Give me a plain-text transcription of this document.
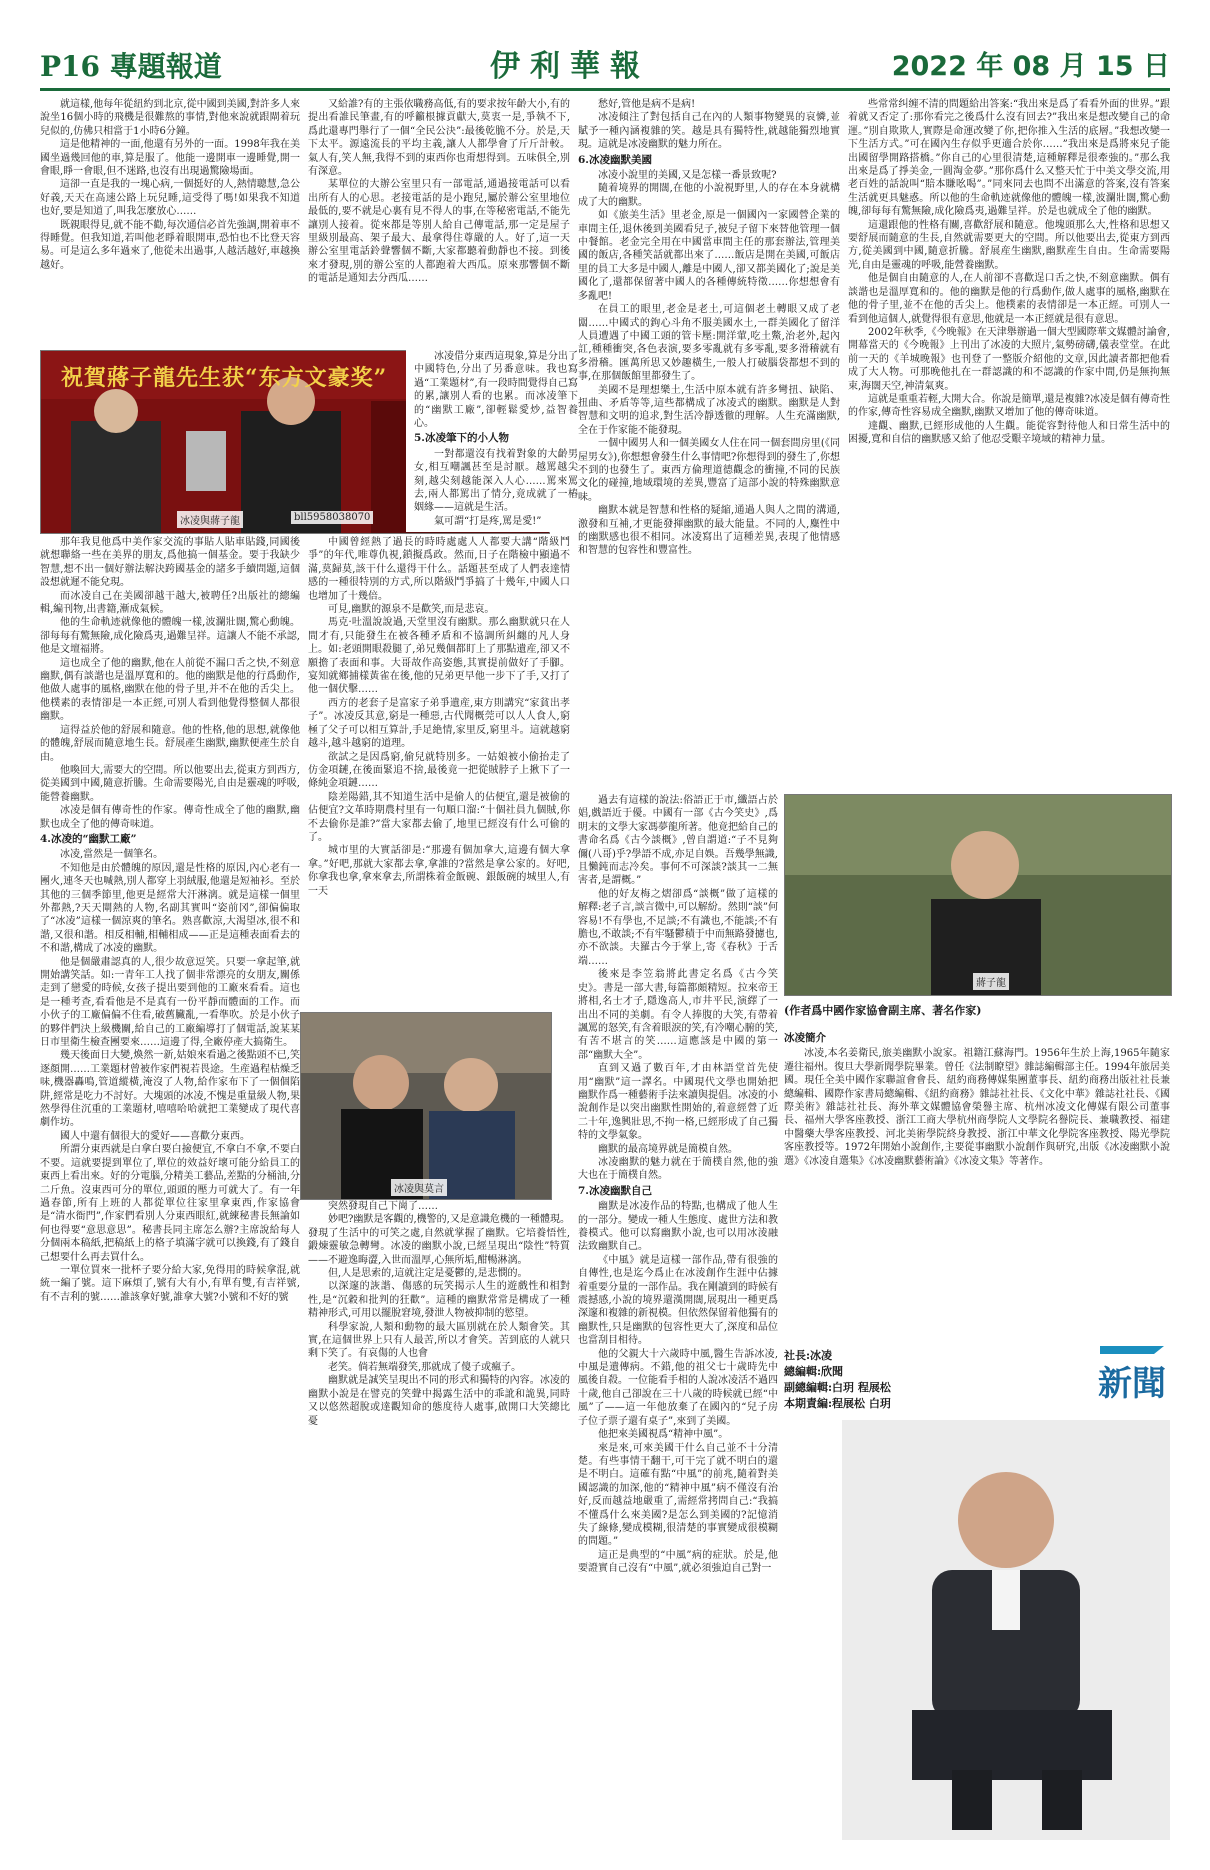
P16 專題報道	伊利華報	2022 年 08 月 15 日

就這樣,他每年從紐約到北京,從中國到美國,對許多人來說坐16個小時的飛機是很難熬的事情,對他來說就跟閘着玩兒似的,仿佛只相當于1小時6分鐘。

這是他精神的一面,他還有另外的一面。1998年我在美國坐過幾回他的車,算是服了。他能一邊開車一邊睡覺,開一會眼,睜一會眼,但不迷路,也沒有出現過驚險場面。

這卻一直是我的一塊心病,一個挺好的人,熱情聰慧,急公好義,天天在高速公路上玩兒睡,這受得了嗎!如果我不知道也好,要是知道了,叫我怎麼放心……

既親眼得見,就不能不勸,每次通信必首先強調,開着車不得睡覺。但我知道,若叫他老睜着眼開車,恐怕也不比登天容易。可是這么多年過來了,他從未出過事,人越活越好,車越換越好。

祝賀蔣子龍先生获“东方文豪奖”
冰凌與蔣子龍	bll5958038070

又給誰?有的主張依職務高低,有的要求按年齡大小,有的提出看誰民筆畫,有的呼籲根據貢獻大,莫衷一是,爭執不下,爲此還專門舉行了一個“全民公決”:最後乾脆不分。於是,天下太平。源遠流長的平均主義,讓人人都學會了斤斤計較。氣人有,笑人無,我得不到的東西你也甭想得到。五味俱全,別有深意。

某單位的大辦公室里只有一部電話,通過接電話可以看出所有人的心思。老接電話的是小跑兒,屬於辦公室里地位最低的,要不就是心裏有見不得人的事,在等秘密電話,不能先讓別人接着。從來都是等別人給自己傳電話,那一定是屋子里級別最高、架子最大、最拿得住尊嚴的人。好了,這一天辦公室里電話鈴聲響個不斷,大家都聽着動靜也不接。到後來才發現,別的辦公室的人都跑着大西瓜。原來那響個不斷的電話是通知去分西瓜……

冰凌借分東西這現象,算是分出了中國特色,分出了另番意味。我也寫過“工業題材”,有一段時間覺得自己寫的累,讓別人看的也累。而冰凌筆下的“幽默工廠”,卻輕鬆愛炒,益智養心。

5.冰凌筆下的小人物

一對都還沒有找着對象的大齡男女,相互嘲諷甚至是討厭。越罵越尖刻,越尖刻越能深入人心……罵來罵去,兩人都罵出了情分,竟成就了一樁姻緣——這就是生活。

氣可謂“打是疼,罵是愛!”

那年我見他爲中美作家交流的事貼人貼車貼錢,同國後就想聯絡一些在美界的朋友,爲他搞一個基金。要于我缺少智慧,想不出一個好辦法解決跨國基金的諸多手續問題,這個設想就遲不能兌現。

而冰凌自己在美國卻越干越大,被聘任?出版社的總編輯,編刊物,出書籍,漸成氣候。

他的生命軌迹就像他的體魄一樣,波瀾壯闊,驚心動魄。卻每每有驚無險,成化險爲夷,過難呈祥。這讓人不能不承認,他是文壇福將。

這也成全了他的幽默,他在人前從不漏口舌之快,不刻意幽默,偶有談諧也是溫厚寬和的。他的幽默是他的行爲動作,他做人處事的風格,幽默在他的骨子里,并不在他的舌尖上。他樸素的表情卻是一本正經,可別人看到他覺得整個人都很幽默。

這得益於他的舒展和隨意。他的性格,他的思想,就像他的體魄,舒展而隨意地生長。舒展產生幽默,幽默便產生於自由。

他喚回大,需要大的空間。所以他要出去,從東方到西方,從美國到中國,隨意折騰。生命需要陽光,自由是靈魂的呼吸,能營養幽默。

冰凌是個有傳奇性的作家。傳奇性成全了他的幽默,幽默也成全了他的傳奇味道。

4.冰凌的“幽默工廠”

冰凌,當然是一個筆名。

不知他是由於體魄的原因,還是性格的原因,內心老有一團火,連冬天也喊熱,別人都穿上羽絨服,他還是短袖衫。至於其他的三個季節里,他更是經常大汗淋漓。就是這樣一個里外都熱,?天天閘熱的人物,名副其實叫“姿前冈”,卻偏偏取了“冰凌”這樣一個涼爽的筆名。熟喜歡涼,大渴望冰,很不和諧,又很和諧。相反相輔,相輔相成——正是這種表面看去的不和諧,構成了冰凌的幽默。

他是個嚴肅認真的人,很少故意逗笑。只要一拿起筆,就開始講笑話。如:一青年工人找了個非常漂亮的女朋友,關係走到了戀愛的時候,女孩子提出要到他的工廠來看看。這也是一種考查,看看他是不是真有一份平靜而體面的工作。而小伙子的工廠偏偏不住看,破舊臟亂,一看準吹。於是小伙子的夥伴們決上級機關,給自己的工廠編導打了個電話,說某某日市里衛生檢查團要來……這邊了得,全廠停產大搞衛生。

幾天後面日大變,煥然一新,姑娘來看過之後點頭不已,笑逐顏開……工業題材曾被作家們視若畏途。生産過程枯燥乏味,機器轟鳴,管道縱橫,淹沒了人物,給作家布下了一個個陷阱,經常是吃力不討好。大塊頭的冰凌,不愧是重量級人物,果然學得住沉重的工業題材,嘻嘻哈哈就把工業變成了現代喜劇作坊。

國人中還有個很大的愛好——喜歡分東西。

所謂分東西就是白拿白要白撿便宜,不拿白不拿,不要白不要。這就要提到單位了,單位的效益好壞可能分給員工的東西上看出來。好的分電腦,分精美工藝品,差點的分桶油,分二斤魚。沒東西可分的單位,頭頭的壓力可就大了。有一年過春節,所有上班的人都從單位往家里拿東西,作家協會是“清水衙門”,作家們看別人分東西眼紅,就練秘書長無論如何也得要“意思意思”。秘書長同主席怎么辦?主席說給每人分個兩本稿紙,把稿紙上的格子填滿字就可以換錢,有了錢自己想要什么再去買什么。

一單位買來一批杯子要分給大家,免得用的時候拿混,就統一編了號。這下麻煩了,號有大有小,有單有雙,有吉祥號,有不吉利的號……誰該拿好號,誰拿大號?小號和不好的號

中國曾經熱了過長的時時處處人人都要大講“階級鬥爭”的年代,唯尊仇視,鎖擬爲政。然而,日子在階檢中顯過不滿,莫歸莫,該干什么還得干什么。話題甚至成了人們表達情感的一種很特別的方式,所以階級鬥爭搞了十幾年,中國人口也增加了十幾倍。

可見,幽默的源泉不是歡笑,而是悲哀。

馬克·吐溫說說過,天堂里沒有幽默。那么幽默就只在人間才有,只能發生在被各種矛盾和不協調所糾纏的凡人身上。如:老頭開眼殺腿了,弟兄幾個都盯上了那點遺産,卻又不願擔了表面和事。大哥故作高姿態,其實提前做好了手腳。宴知就鄉捕樣黃雀在後,他的兄弟更早他一步下了手,又打了他一個伏擊……

西方的老套子是富家子弟爭遺産,東方則講究“家貧出孝子”。冰凌反其意,窮是一種惡,古代聞概莞可以人人食人,窮極了父子可以相互算計,手足絶情,家里反,窮里斗。這就越窮越斗,越斗越窮的道理。

欲試之是因爲窮,偷兒就特別多。一姑娘被小偷抬走了仿金項鏈,在後面緊追不捨,最後竟一把從賊脖子上揪下了一條純金項鏈……

陰差陽錯,其不知道生活中是偷人的佔便宜,還是被偷的佔便宜?文革時期農村里有一句順口溜:“十個社員九個賊,你不去偷你是誰?”當大家都去偷了,地里已經沒有什么可偷的了。

城市里的大實話卻是:“那邊有個加拿大,這邊有個大拿拿。”好吧,那就大家都去拿,拿誰的?當然是拿公家的。好吧,你拿我也拿,拿來拿去,所謂株着金飯碗、銀飯碗的城里人,有一天

冰凌與莫言

突然發現自己下崗了……

妙吧?幽默是客觀的,機警的,又是意識危機的一種體現。發現了生活中的可笑之處,自然就掌握了幽默。它培養悟性,鍛煉靈敏急轉彎。冰凌的幽默小說,已經呈現出“陰性”特質——不避逸晦澀,入世而溫厚,心無所垢,酣暢淋漓。

但,人是思索的,這就注定是憂鬱的,是悲憫的。

以深邃的詼諧、傷感的玩笑揭示人生的遊戲性和相對性,是“沉穀和批判的狂歡”。這種的幽默常常是構成了一種精神形式,可用以擺脫窘境,發泄人物被抑制的慾望。

科學家說,人類和動物的最大區別就在於人類會笑。其實,在這個世界上只有人最苦,所以才會笑。苦到底的人就只剩下笑了。有哀傷的人也會

老笑。倘若無端發笑,那就成了傻子或瘋子。

幽默就是誠笑呈現出不同的形式和獨特的內容。冰凌的幽默小說是在譬克的笑聲中揭露生活中的乖訛和詭異,同時又以悠然超脫或達觀知命的態度待人處事,啟開口大笑總比憂

愁好,管他是病不是病!

冰凌傾注了對包括自己在內的人類事物變異的哀憐,並賦予一種內涵複雜的笑。越是具有獨特性,就越能獨烈地實現。這就是冰凌幽默的魅力所在。

6.冰凌幽默美國

冰凌小說里的美國,又是怎樣一番景致呢?

隨着境界的開闊,在他的小說視野里,人的存在本身就構成了大的幽默。

如《旅美生活》里老金,原是一個國內一家國營企業的車間主任,退休後到美國看兒子,被兒子留下來替他管理一個中餐館。老金完全用在中國當車間主任的那套辦法,管理美國的飯店,各種笑話就都出來了……飯店是開在美國,可飯店里的員工大多是中國人,離是中國人,卻又都美國化了;說是美國化了,還都保留著中國人的各種傳統特徵……你想想會有多亂吧!

在員工的眼里,老金是老土,可這個老土轉眼又成了老闆……中國式的鉤心斗角不服美國水土,一群美國化了留洋人員遭遇了中國工頭的管卡壓:開洋葷,吃土鱉,治老外,起內訌,種種衝突,各色表演,要多零亂就有多零亂,要多滑稽就有多滑稽。匯萬所思又妙趣橫生,一般人打破腦袋都想不到的事,在那個飯館里都發生了。

美國不是理想樂土,生活中原本就有許多彎扭、缺陷、扭曲、矛盾等等,這些都構成了冰凌式的幽默。幽默是人對智慧和文明的追求,對生活冷靜透徹的理解。人生充滿幽默,全在于作家能不能發現。

一個中國男人和一個美國女人住在同一個套間房里(《同屋男女》),你想想會發生什么事情吧?你想得到的發生了,你想不到的也發生了。東西方倫理道德觀念的衝撞,不同的民族文化的碰撞,地域環境的差異,豐富了這部小說的特殊幽默意味。

幽默本就是智慧和性格的疑縮,通過人與人之間的溝通,激發和互補,才更能發揮幽默的最大能量。不同的人,麋性中的幽默感也很不相同。冰凌寫出了這種差異,表現了他情感和智慧的包容性和豐富性。

過去有這樣的說法:俗語正于市,纖語占於娼,戲語近于優。中國有一部《古今笑史》,爲明末的文學大家馮夢龍所著。他竟把給自己的書命名爲《古今談概》,曾自謂道:“子不見夠儞(八哥)乎?學語不成,亦足自娛。吾幾學無識,且懶鈍而志冷矣。事何不可深談?談其一二無害者,是謂概。”

他的好友梅之熠卻爲“談概”做了這樣的解釋:老子言,談言微中,可以解紛。然則“談”何容易!不有學也,不足談;不有識也,不能談;不有膽也,不敢談;不有牢騷鬱積于中而無路發攄也,亦不欲談。夫羅古今于掌上,寄《春秋》于舌端……

後來是李笠翁將此書定名爲《古今笑史》。書是一部大書,每篇都頗精短。拉來帝王將相,名士才子,隱逸高人,市井平民,演繹了一出出不同的美劇。有令人捧腹的大笑,有帶着諷罵的怒笑,有含着眼淚的笑,有冷嘲心腑的笑,有苦不堪言的笑……這應該是中國的第一部“幽默大全”。

直到又過了數百年,才由林語堂首先使用“幽默”這一譯名。中國現代文學也開始把幽默作爲一種藝術手法來讀與提倡。冰凌的小說創作是以突出幽默性開始的,着意經營了近二十年,逸興壯思,不拘一格,已經形成了自己獨特的文學氣象。

幽默的最高境界就是簡模自然。

冰凌幽默的魅力就在于簡樸自然,他的強大也在于簡樸自然。

7.冰凌幽默自己

幽默是冰凌作品的特點,也構成了他人生的一部分。變成一種人生態度、處世方法和教養模式。他可以寫幽默小說,也可以用冰淩融法致幽默自己。

《中風》就是這樣一部作品,帶有很強的自傳性,也是迄今爲止在冰淩創作生涯中佔據着重要分量的一部作品。我在剛讀到的時候有震撼感,小說的境界還漢開闊,展現出一種更爲深邃和複雜的新視模。但依然保留着他獨有的幽默性,只是幽默的包容性更大了,深度和品位也當刮目相待。

他的父親大十六歲時中風,醫生告訴冰凌,中風是遺傳病。不錯,他的祖父七十歲時先中風後自殺。一位能看手相的人說冰凌活不過四十歲,他自己卻說在三十八歲的時候就已經“中風”了——這一年他放棄了在國內的“兒子房子位子票子還有桌子”,來到了美國。

他把來美國視爲“精神中風”。

來是來,可來美國干什么自己並不十分清楚。有些事情干翻干,可干完了就不明白的還是不明白。這確有點“中風”的前兆,隨着對美國認識的加深,他的“精神中風”病不僅沒有治好,反而越益地嚴重了,需經常拷問自己:“我搞不懂爲什么來美國?是怎么到美國的?記憶消失了線條,變成模糊,很清楚的事實變成很模糊的問題。”

這正是典型的“中風”病的症狀。於是,他要證實自己沒有“中風”,就必須強迫自己對一

些常常纠缠不清的問題給出答案:“我出來是爲了看看外面的世界。”跟着就又否定了:那你看完之後爲什么沒有回去?”我出來是想改變自己的命運。”別自欺欺人,實際是命運改變了你,把你推入生活的底層。”我想改變一下生活方式。”可在國內生存似乎更適合於你……”我出來是爲將來兒子能出國留學開路搭橋。”你自己的心里很清楚,這種解釋是很牽強的。”那么我出來是爲了掙美金,一圓淘金夢。”那你爲什么又整天忙于中美文學交流,用老百姓的話說叫“賠本賺吆喝”。”同來同去也問不出滿意的答案,沒有答案生活就更具魅惑。所以他的生命軌迹就像他的體魄一樣,波瀾壯闊,驚心動魄,卻每每有驚無險,成化險爲夷,過難呈祥。於是也就成全了他的幽默。

這還跟他的性格有關,喜歡舒展和隨意。他塊頭那么大,性格和思想又要舒展而隨意的生長,自然就需要更大的空間。所以他要出去,從東方到西方,從美國到中國,隨意折騰。舒展産生幽默,幽默産生自由。生命需要陽光,自由是靈魂的呼吸,能營養幽默。

他是個自由隨意的人,在人前卻不喜歡逞口舌之快,不刻意幽默。偶有談諧也是溫厚寬和的。他的幽默是他的行爲動作,做人處事的風格,幽默在他的骨子里,並不在他的舌尖上。他樸素的表情卻是一本正經。可別人一看到他這個人,就覺得很有意思,他就是一本正經就是很有意思。

2002年秋季,《今晚報》在天津舉辦過一個大型國際華文媒體討論會,開幕當天的《今晚報》上刊出了冰凌的大照片,氣勢磅礴,儀表堂堂。在此前一天的《羊城晚報》也刊登了一整版介紹他的文章,因此讀者都把他看成了大人物。可那晚他扎在一群認識的和不認識的作家中間,仍是無拘無束,海闊天空,神清氣爽。

這就是重重若輕,大開大合。你說是簡單,還是複雜?冰凌是個有傳奇性的作家,傳奇性容易成全幽默,幽默又增加了他的傳奇味道。

達觀、幽默,已經形成他的人生觀。能從容對待他人和日常生活中的困擾,寬和自信的幽默感又給了他忍受艱辛境域的精神力量。

蔣子龍
(作者爲中國作家協會副主席、著名作家)
冰凌簡介

冰凌,本名姜衛民,旅美幽默小說家。祖籍江蘇海門。1956年生於上海,1965年隨家遷往福州。復旦大學新聞學院畢業。曾任《法制瞭望》雜誌編輯部主任。1994年旅居美國。現任全美中國作家聯誼會會長、紐約商務傳媒集團董事長、紐約商務出版社社長兼總編輯、國際作家書局總編輯、《紐約商務》雜誌社社長、《文化中華》雜誌社社長、《國際美術》雜誌社社長、海外華文媒體協會榮譽主席、杭州冰凌文化傳媒有限公司董事長、福州大學客座教授、浙江工商大學杭州商學院人文學院名譽院長、兼職教授、福建中醫藥大學客座教授、河北美術學院終身教授、浙江中華文化學院客座教授、陽光學院客座教授等。1972年開始小說創作,主要從事幽默小說創作與研究,出版《冰凌幽默小說選》《冰凌自選集》《冰凌幽默藝術論》《冰凌文集》等著作。

社長:冰凌
總編輯:欣聞
副總編輯:白玥 程展松
本期責編:程展松 白玥	新聞
